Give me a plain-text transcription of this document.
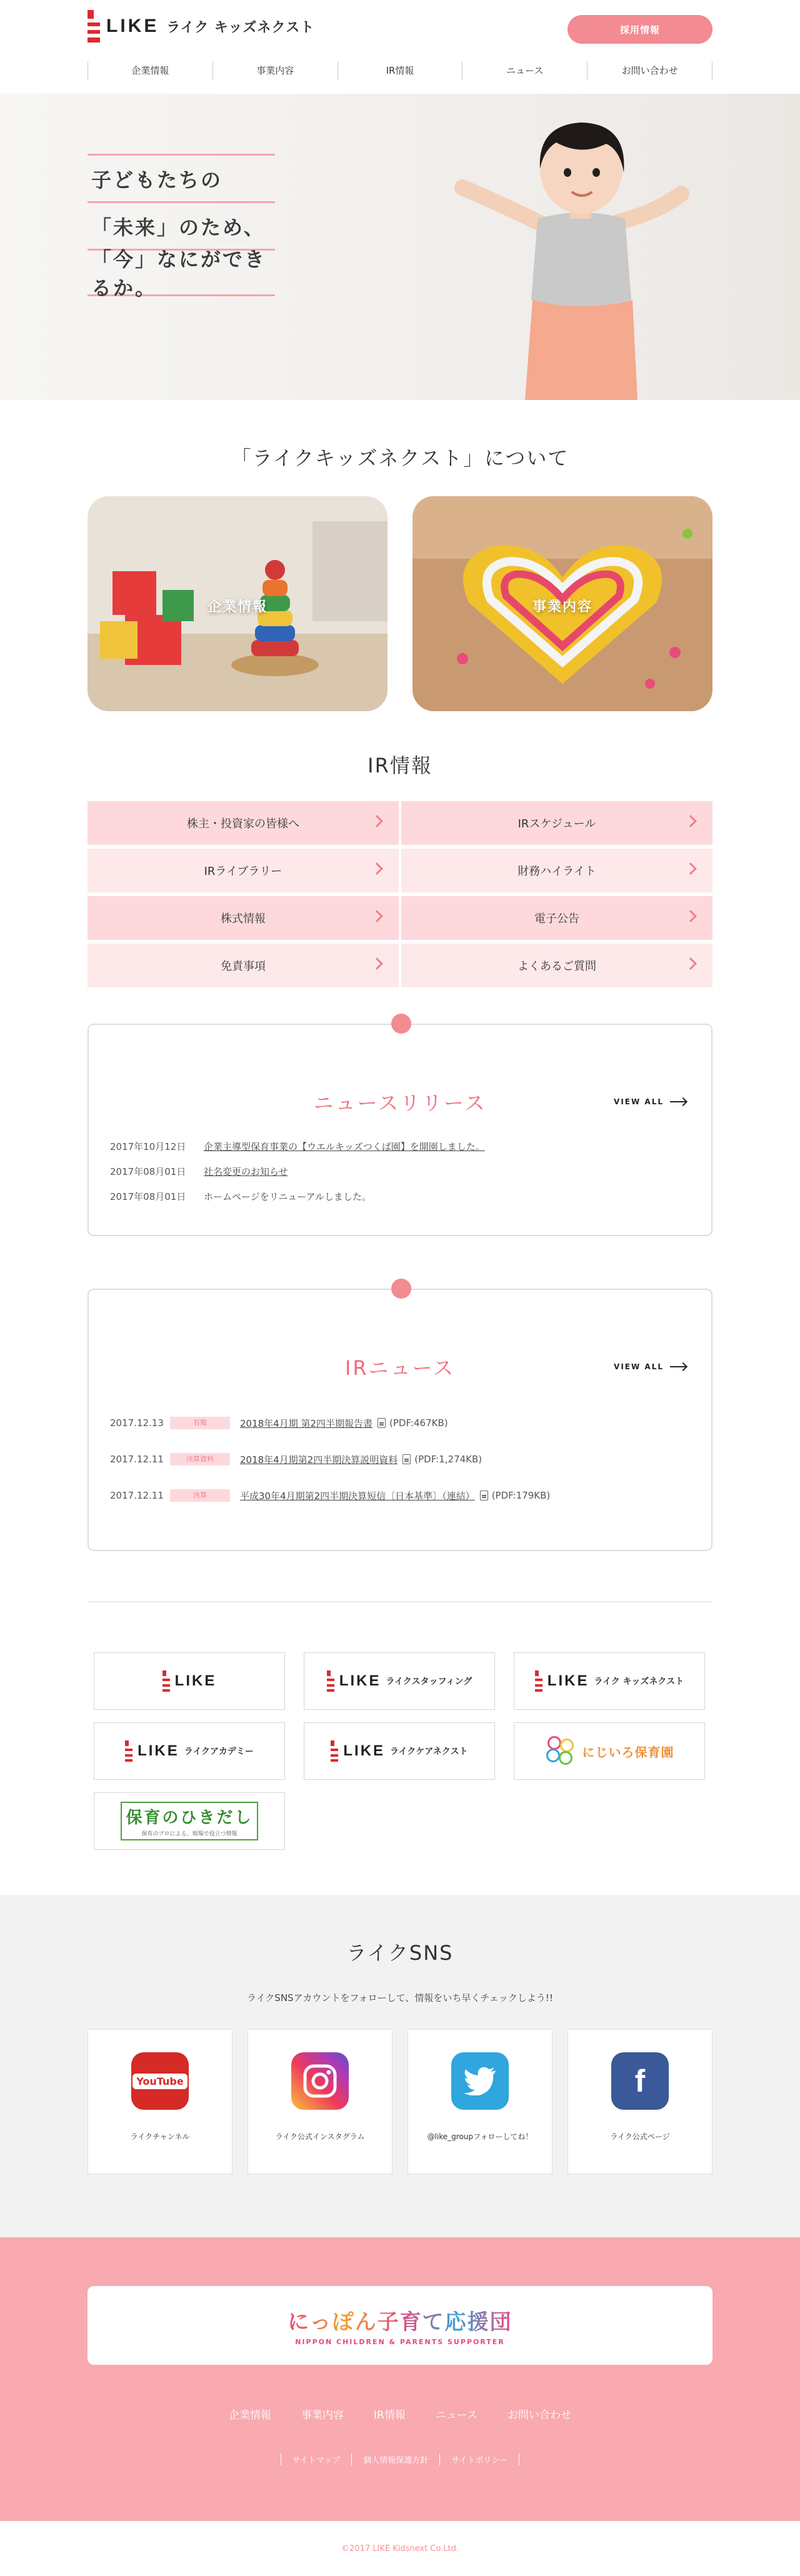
LIKE ライク キッズネクスト	採用情報
企業情報	事業内容	IR情報	ニュース	お問い合わせ
子どもたちの
「未来」のため、
「今」なにができるか。
「ライクキッズネクスト」について
企業情報	事業内容
IR情報
株主・投資家の皆様へ	IRスケジュール
IRライブラリー	財務ハイライト
株式情報	電子公告
免責事項	よくあるご質問
ニュースリリース	VIEW ALL
2017年10月12日	企業主導型保育事業の【ウエルキッズつくば園】を開園しました。
2017年08月01日	社名変更のお知らせ
2017年08月01日	ホームページをリニューアルしました。
IRニュース	VIEW ALL
2017.12.13	有報	2018年4月期 第2四半期報告書 (PDF:467KB)
2017.12.11	決算資料	2018年4月期第2四半期決算説明資料 (PDF:1,274KB)
2017.12.11	決算	平成30年4月期第2四半期決算短信〔日本基準〕（連結） (PDF:179KB)
LIKE	LIKE ライクスタッフィング	LIKE ライク キッズネクスト
LIKE ライクアカデミー	LIKE ライクケアネクスト	にじいろ保育園
保育のひきだし
保育のプロによる、現場で役立つ情報
ライクSNS
ライクSNSアカウントをフォローして、情報をいち早くチェックしよう!!
YouTube
ライクチャンネル	ライク公式インスタグラム	@like_groupフォローしてね！
f
ライク公式ページ
にっぽん子育て応援団
NIPPON CHILDREN & PARENTS SUPPORTER
企業情報	事業内容	IR情報	ニュース	お問い合わせ
サイトマップ	個人情報保護方針	サイトポリシー
©2017 LIKE Kidsnext Co.Ltd.
